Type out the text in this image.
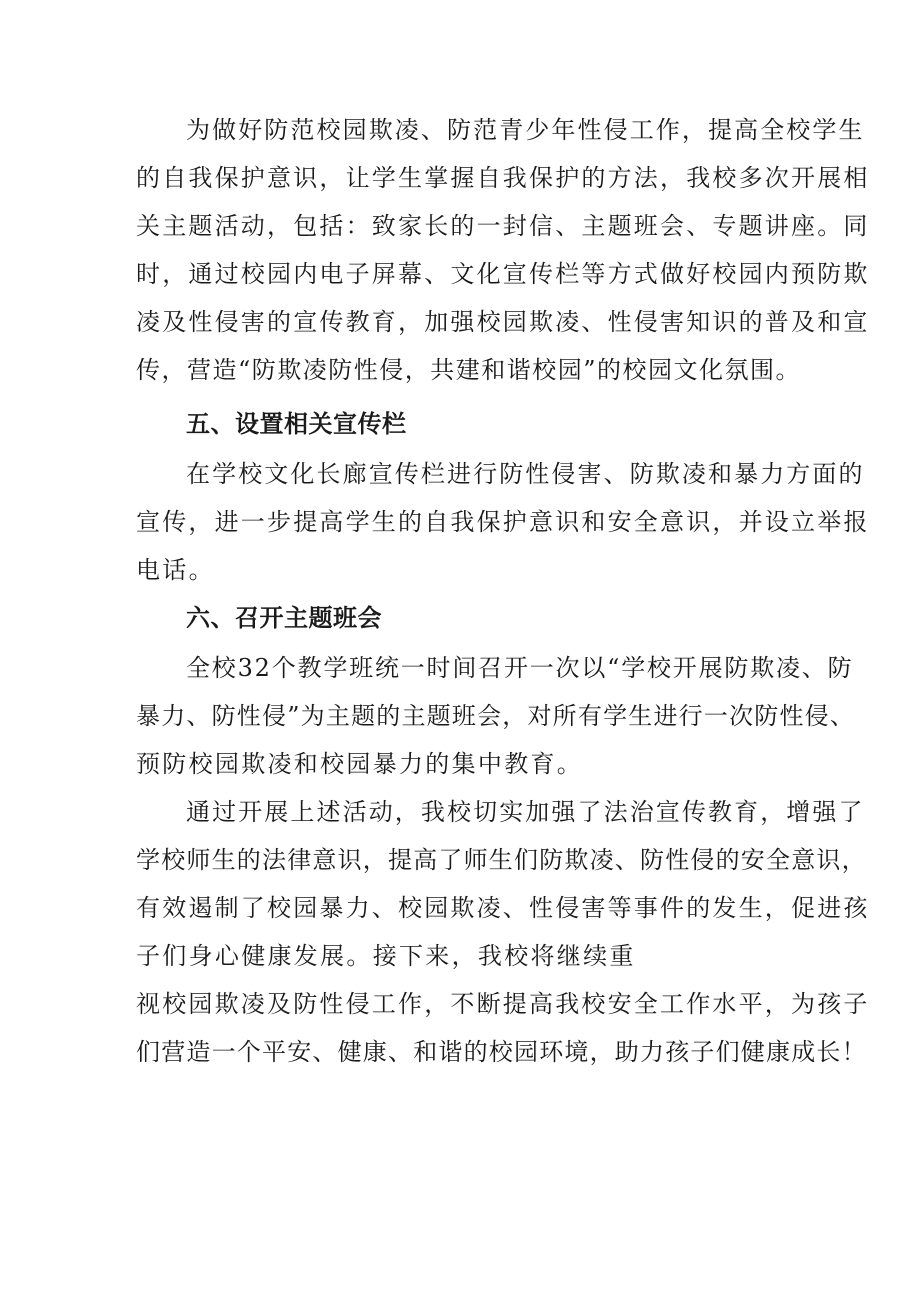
为做好防范校园欺凌、防范青少年性侵工作，提高全校学生

的自我保护意识，让学生掌握自我保护的方法，我校多次开展相

关主题活动，包括：致家长的一封信、主题班会、专题讲座。同

时，通过校园内电子屏幕、文化宣传栏等方式做好校园内预防欺

凌及性侵害的宣传教育，加强校园欺凌、性侵害知识的普及和宣

传，营造“防欺凌防性侵，共建和谐校园”的校园文化氛围。

五、设置相关宣传栏

在学校文化长廊宣传栏进行防性侵害、防欺凌和暴力方面的

宣传，进一步提高学生的自我保护意识和安全意识，并设立举报

电话。

六、召开主题班会

全校32个教学班统一时间召开一次以“学校开展防欺凌、防

暴力、防性侵”为主题的主题班会，对所有学生进行一次防性侵、

预防校园欺凌和校园暴力的集中教育。

通过开展上述活动，我校切实加强了法治宣传教育，增强了

学校师生的法律意识，提高了师生们防欺凌、防性侵的安全意识，

有效遏制了校园暴力、校园欺凌、性侵害等事件的发生，促进孩

子们身心健康发展。接下来，我校将继续重

视校园欺凌及防性侵工作，不断提高我校安全工作水平，为孩子

们营造一个平安、健康、和谐的校园环境，助力孩子们健康成长！
